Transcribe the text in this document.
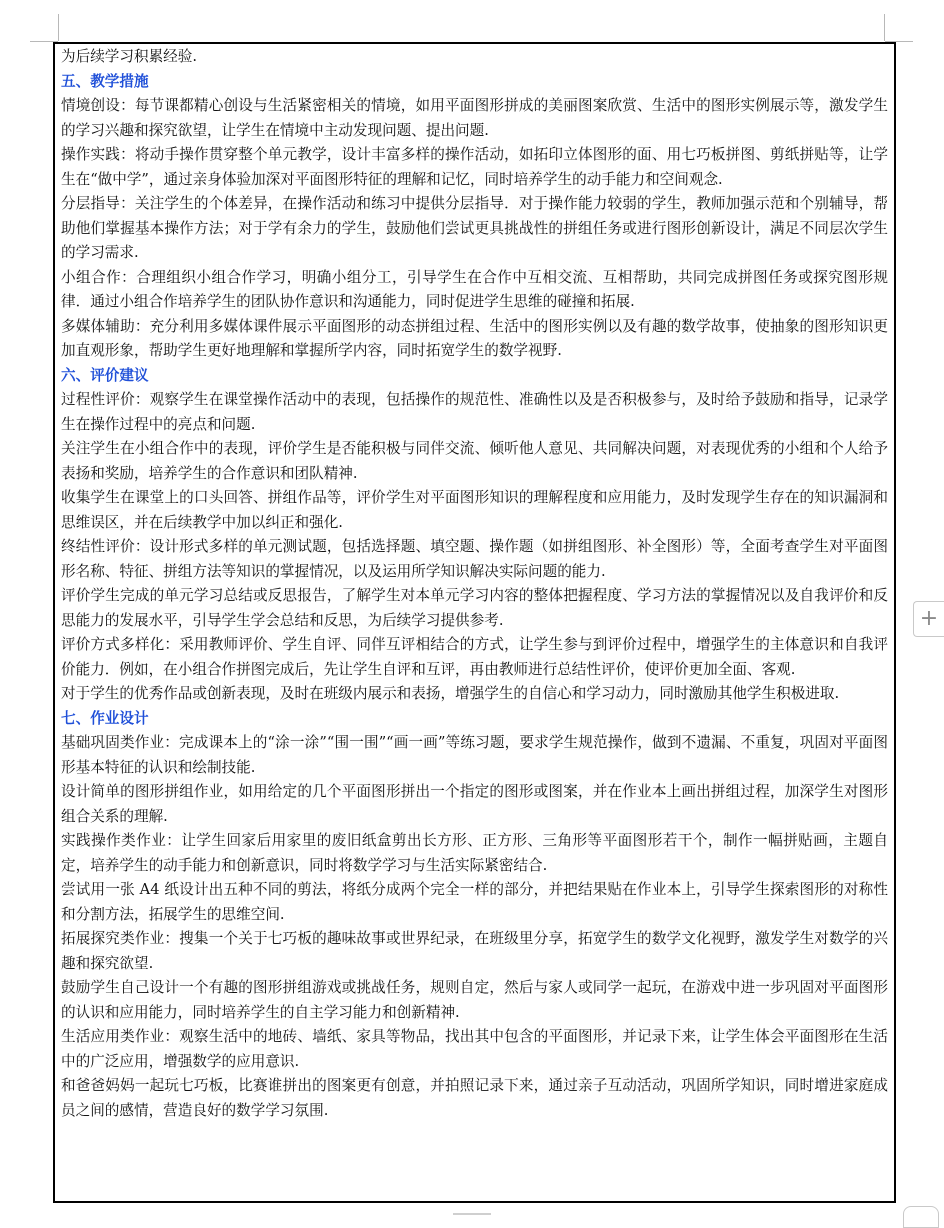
为后续学习积累经验.

五、教学措施

情境创设：每节课都精心创设与生活紧密相关的情境，如用平面图形拼成的美丽图案欣赏、生活中的图形实例展示等，激发学生的学习兴趣和探究欲望，让学生在情境中主动发现问题、提出问题.

操作实践：将动手操作贯穿整个单元教学，设计丰富多样的操作活动，如拓印立体图形的面、用七巧板拼图、剪纸拼贴等，让学生在“做中学”，通过亲身体验加深对平面图形特征的理解和记忆，同时培养学生的动手能力和空间观念.

分层指导：关注学生的个体差异，在操作活动和练习中提供分层指导．对于操作能力较弱的学生，教师加强示范和个别辅导，帮助他们掌握基本操作方法；对于学有余力的学生，鼓励他们尝试更具挑战性的拼组任务或进行图形创新设计，满足不同层次学生的学习需求.

小组合作：合理组织小组合作学习，明确小组分工，引导学生在合作中互相交流、互相帮助，共同完成拼图任务或探究图形规律．通过小组合作培养学生的团队协作意识和沟通能力，同时促进学生思维的碰撞和拓展.

多媒体辅助：充分利用多媒体课件展示平面图形的动态拼组过程、生活中的图形实例以及有趣的数学故事，使抽象的图形知识更加直观形象，帮助学生更好地理解和掌握所学内容，同时拓宽学生的数学视野.

六、评价建议

过程性评价：观察学生在课堂操作活动中的表现，包括操作的规范性、准确性以及是否积极参与，及时给予鼓励和指导，记录学生在操作过程中的亮点和问题.

关注学生在小组合作中的表现，评价学生是否能积极与同伴交流、倾听他人意见、共同解决问题，对表现优秀的小组和个人给予表扬和奖励，培养学生的合作意识和团队精神.

收集学生在课堂上的口头回答、拼组作品等，评价学生对平面图形知识的理解程度和应用能力，及时发现学生存在的知识漏洞和思维误区，并在后续教学中加以纠正和强化.

终结性评价：设计形式多样的单元测试题，包括选择题、填空题、操作题（如拼组图形、补全图形）等，全面考查学生对平面图形名称、特征、拼组方法等知识的掌握情况，以及运用所学知识解决实际问题的能力.

评价学生完成的单元学习总结或反思报告，了解学生对本单元学习内容的整体把握程度、学习方法的掌握情况以及自我评价和反思能力的发展水平，引导学生学会总结和反思，为后续学习提供参考.

评价方式多样化：采用教师评价、学生自评、同伴互评相结合的方式，让学生参与到评价过程中，增强学生的主体意识和自我评价能力．例如，在小组合作拼图完成后，先让学生自评和互评，再由教师进行总结性评价，使评价更加全面、客观.

对于学生的优秀作品或创新表现，及时在班级内展示和表扬，增强学生的自信心和学习动力，同时激励其他学生积极进取.

七、作业设计

基础巩固类作业：完成课本上的“涂一涂”“围一围”“画一画”等练习题，要求学生规范操作，做到不遗漏、不重复，巩固对平面图形基本特征的认识和绘制技能.

设计简单的图形拼组作业，如用给定的几个平面图形拼出一个指定的图形或图案，并在作业本上画出拼组过程，加深学生对图形组合关系的理解.

实践操作类作业：让学生回家后用家里的废旧纸盒剪出长方形、正方形、三角形等平面图形若干个，制作一幅拼贴画，主题自定，培养学生的动手能力和创新意识，同时将数学学习与生活实际紧密结合.

尝试用一张 A4 纸设计出五种不同的剪法，将纸分成两个完全一样的部分，并把结果贴在作业本上，引导学生探索图形的对称性和分割方法，拓展学生的思维空间.

拓展探究类作业：搜集一个关于七巧板的趣味故事或世界纪录，在班级里分享，拓宽学生的数学文化视野，激发学生对数学的兴趣和探究欲望.

鼓励学生自己设计一个有趣的图形拼组游戏或挑战任务，规则自定，然后与家人或同学一起玩，在游戏中进一步巩固对平面图形的认识和应用能力，同时培养学生的自主学习能力和创新精神.

生活应用类作业：观察生活中的地砖、墙纸、家具等物品，找出其中包含的平面图形，并记录下来，让学生体会平面图形在生活中的广泛应用，增强数学的应用意识.

和爸爸妈妈一起玩七巧板，比赛谁拼出的图案更有创意，并拍照记录下来，通过亲子互动活动，巩固所学知识，同时增进家庭成员之间的感情，营造良好的数学学习氛围.

+
